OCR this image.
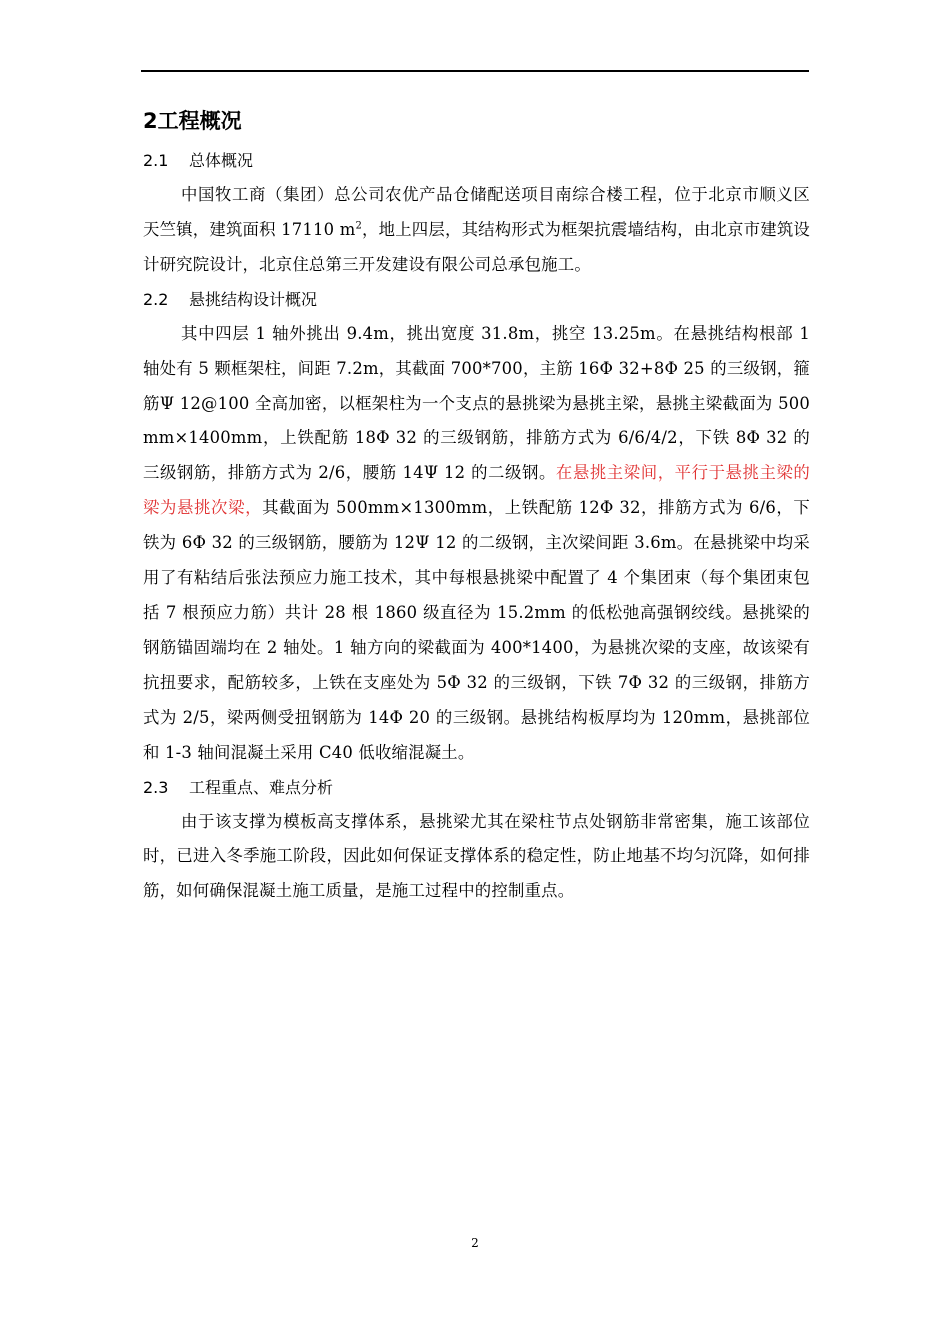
2工程概况
2.1 总体概况

中国牧工商（集团）总公司农优产品仓储配送项目南综合楼工程，位于北京市顺义区天竺镇，建筑面积 17110 $m^2$，地上四层，其结构形式为框架抗震墙结构，由北京市建筑设计研究院设计，北京住总第三开发建设有限公司总承包施工。

2.2 悬挑结构设计概况

其中四层 1 轴外挑出 9.4m，挑出宽度 31.8m，挑空 13.25m。在悬挑结构根部 1 轴处有 5 颗框架柱，间距 7.2m，其截面 700*700，主筋 16Φ 32+8Φ 25 的三级钢，箍筋Ψ 12@100 全高加密，以框架柱为一个支点的悬挑梁为悬挑主梁，悬挑主梁截面为 500mm×1400mm，上铁配筋 18Φ 32 的三级钢筋，排筋方式为 6/6/4/2，下铁 8Φ 32 的三级钢筋，排筋方式为 2/6，腰筋 14Ψ 12 的二级钢。在悬挑主梁间，平行于悬挑主梁的梁为悬挑次梁，其截面为 500mm×1300mm，上铁配筋 12Φ 32，排筋方式为 6/6，下铁为 6Φ 32 的三级钢筋，腰筋为 12Ψ 12 的二级钢，主次梁间距 3.6m。在悬挑梁中均采用了有粘结后张法预应力施工技术，其中每根悬挑梁中配置了 4 个集团束（每个集团束包括 7 根预应力筋）共计 28 根 1860 级直径为 15.2mm 的低松弛高强钢绞线。悬挑梁的钢筋锚固端均在 2 轴处。1 轴方向的梁截面为 400*1400，为悬挑次梁的支座，故该梁有抗扭要求，配筋较多，上铁在支座处为 5Φ 32 的三级钢，下铁 7Φ 32 的三级钢，排筋方式为 2/5，梁两侧受扭钢筋为 14Φ 20 的三级钢。悬挑结构板厚均为 120mm，悬挑部位和 1-3 轴间混凝土采用 C40 低收缩混凝土。

2.3 工程重点、难点分析

由于该支撑为模板高支撑体系，悬挑梁尤其在梁柱节点处钢筋非常密集，施工该部位时，已进入冬季施工阶段，因此如何保证支撑体系的稳定性，防止地基不均匀沉降，如何排筋，如何确保混凝土施工质量，是施工过程中的控制重点。

2
